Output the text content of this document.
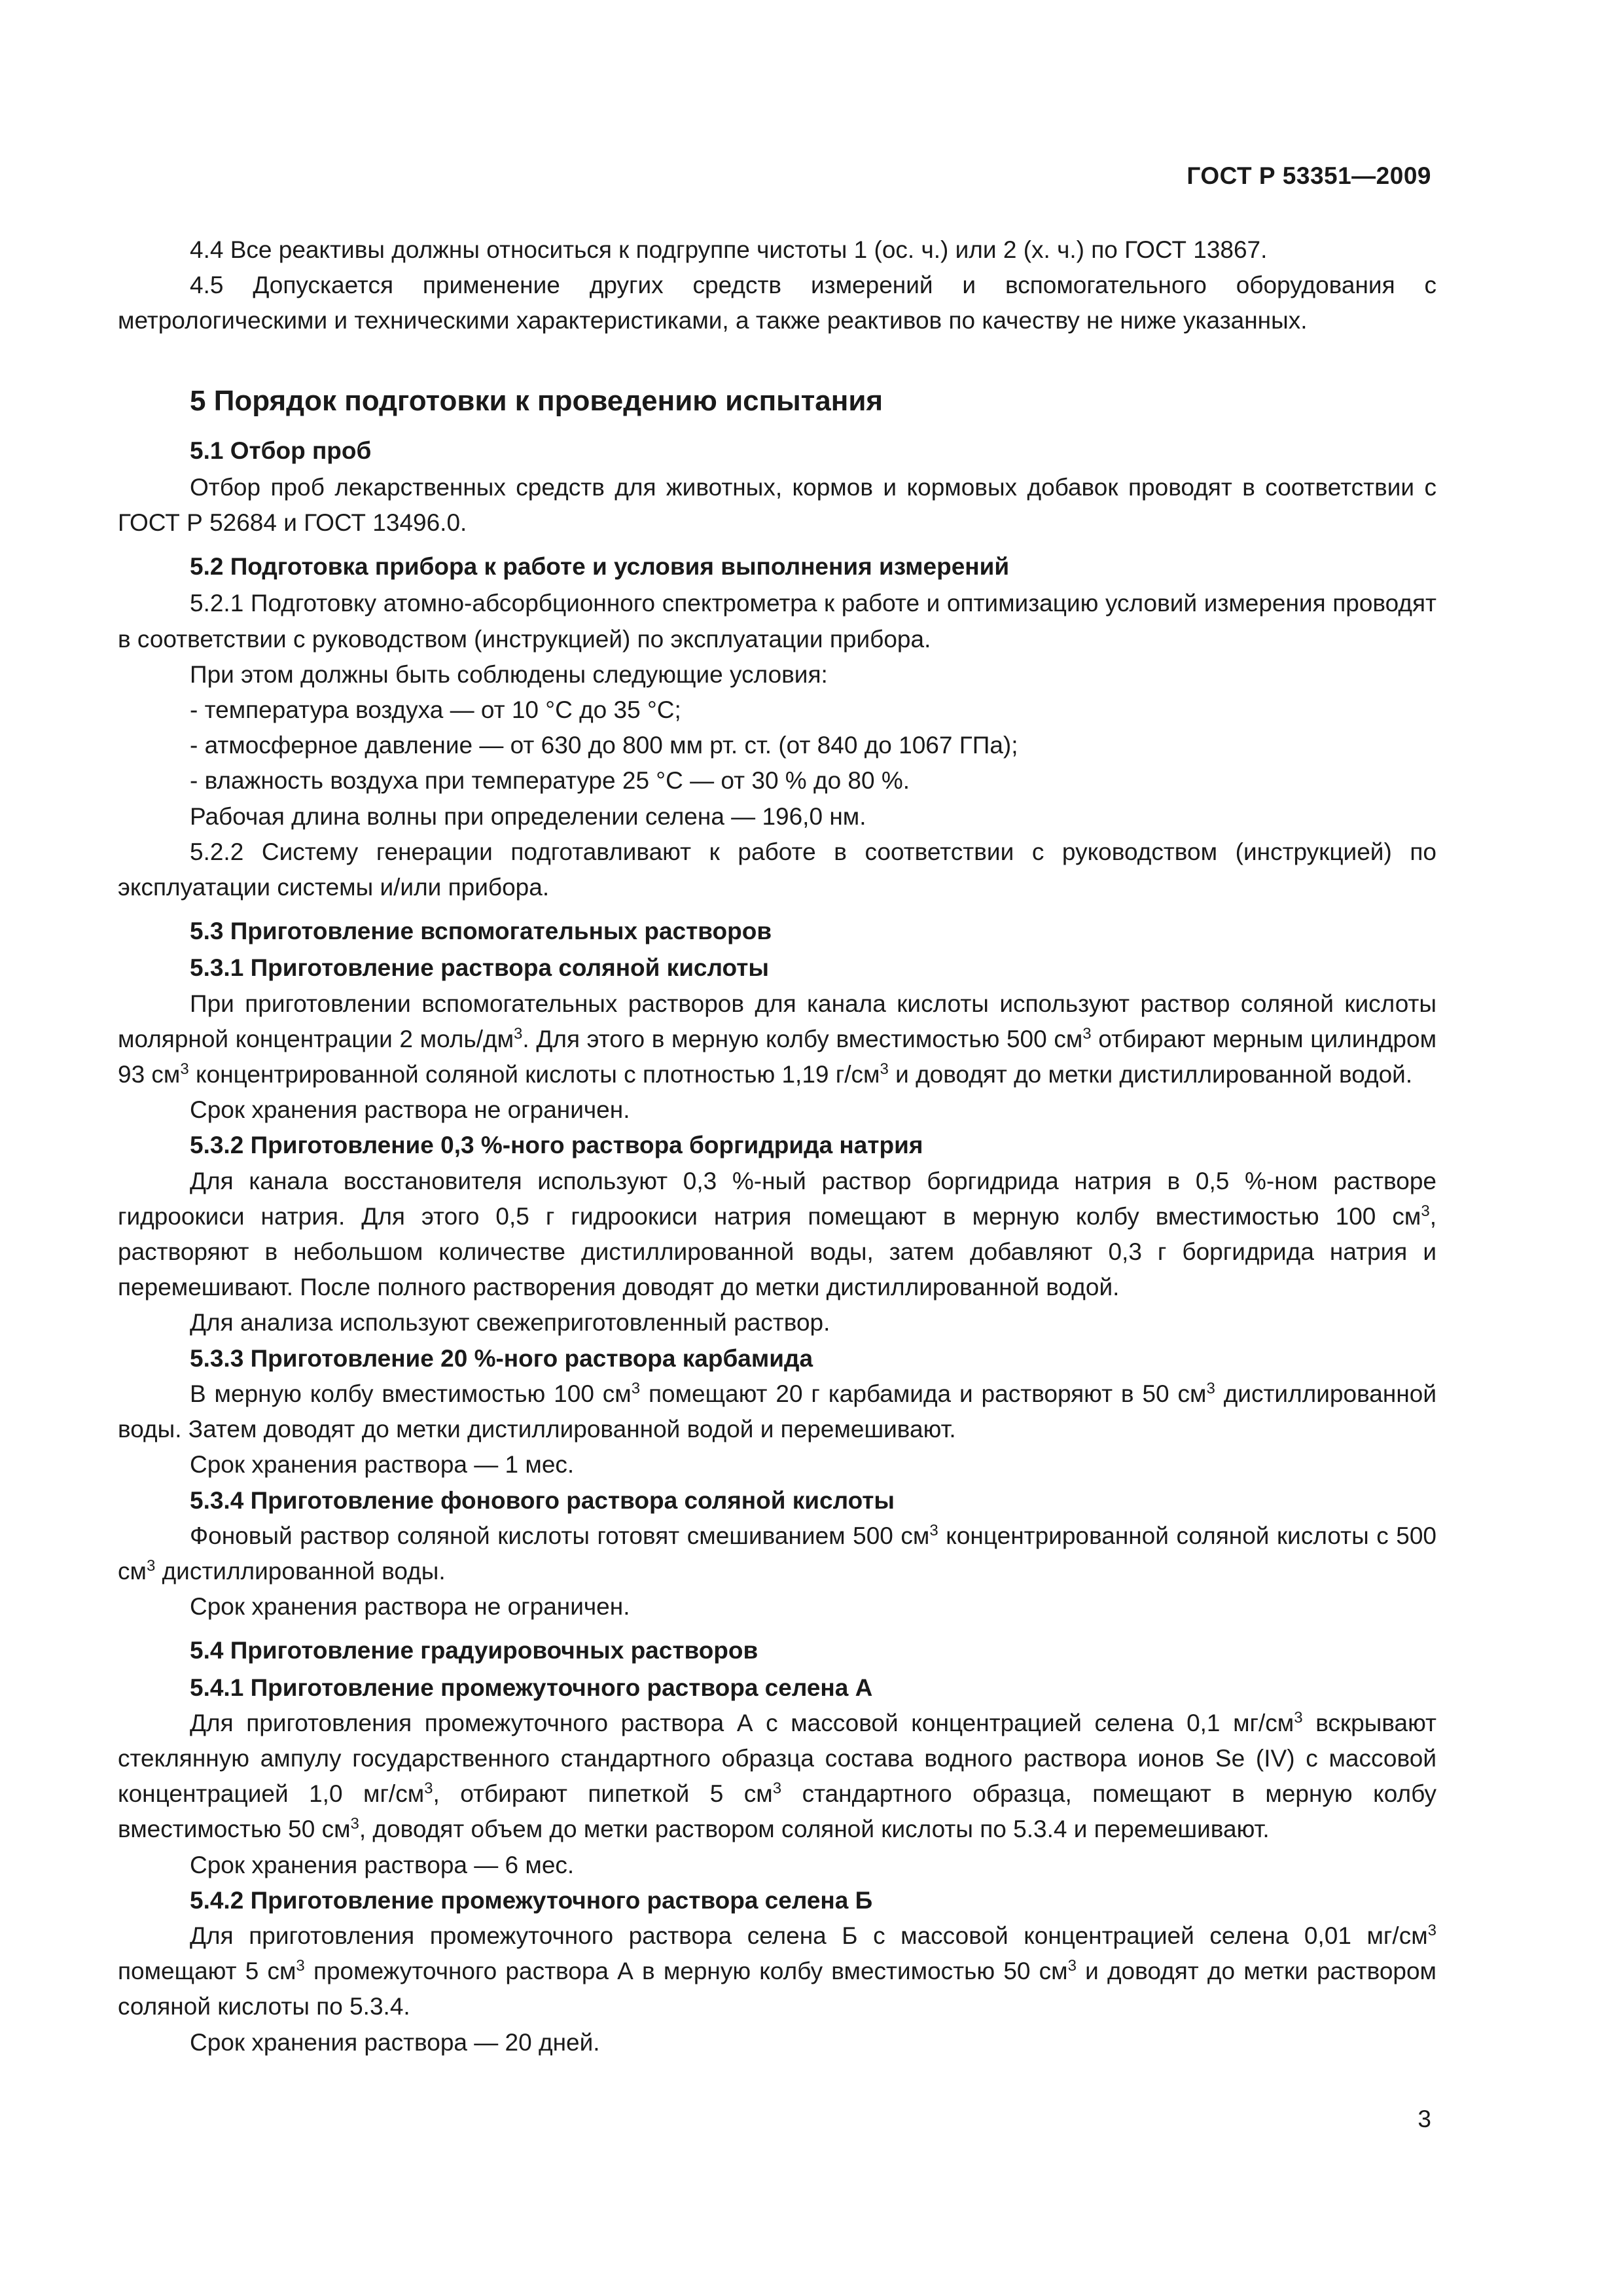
ГОСТ Р 53351—2009

4.4 Все реактивы должны относиться к подгруппе чистоты 1 (ос. ч.) или 2 (х. ч.) по ГОСТ 13867.

4.5 Допускается применение других средств измерений и вспомогательного оборудования с метрологическими и техническими характеристиками, а также реактивов по качеству не ниже указанных.

5 Порядок подготовки к проведению испытания
5.1 Отбор проб

Отбор проб лекарственных средств для животных, кормов и кормовых добавок проводят в соответствии с ГОСТ Р 52684 и ГОСТ 13496.0.

5.2 Подготовка прибора к работе и условия выполнения измерений

5.2.1 Подготовку атомно-абсорбционного спектрометра к работе и оптимизацию условий измерения проводят в соответствии с руководством (инструкцией) по эксплуатации прибора.

При этом должны быть соблюдены следующие условия:

- температура воздуха — от 10 °С до 35 °С;

- атмосферное давление — от 630 до 800 мм рт. ст. (от 840 до 1067 ГПа);

- влажность воздуха при температуре 25 °С — от 30 % до 80 %.

Рабочая длина волны при определении селена — 196,0 нм.

5.2.2 Систему генерации подготавливают к работе в соответствии с руководством (инструкцией) по эксплуатации системы и/или прибора.

5.3 Приготовление вспомогательных растворов
5.3.1 Приготовление раствора соляной кислоты

При приготовлении вспомогательных растворов для канала кислоты используют раствор соляной кислоты молярной концентрации 2 моль/$дм^3$. Для этого в мерную колбу вместимостью 500 $см^3$ отбирают мерным цилиндром 93 $см^3$ концентрированной соляной кислоты с плотностью 1,19 $г/см^3$ и доводят до метки дистиллированной водой.

Срок хранения раствора не ограничен.

5.3.2 Приготовление 0,3 %-ного раствора боргидрида натрия

Для канала восстановителя используют 0,3 %-ный раствор боргидрида натрия в 0,5 %-ном растворе гидроокиси натрия. Для этого 0,5 г гидроокиси натрия помещают в мерную колбу вместимостью 100 $см^3$, растворяют в небольшом количестве дистиллированной воды, затем добавляют 0,3 г боргидрида натрия и перемешивают. После полного растворения доводят до метки дистиллированной водой.

Для анализа используют свежеприготовленный раствор.

5.3.3 Приготовление 20 %-ного раствора карбамида

В мерную колбу вместимостью 100 $см^3$ помещают 20 г карбамида и растворяют в 50 $см^3$ дистиллированной воды. Затем доводят до метки дистиллированной водой и перемешивают.

Срок хранения раствора — 1 мес.

5.3.4 Приготовление фонового раствора соляной кислоты

Фоновый раствор соляной кислоты готовят смешиванием 500 $см^3$ концентрированной соляной кислоты с 500 $см^3$ дистиллированной воды.

Срок хранения раствора не ограничен.

5.4 Приготовление градуировочных растворов
5.4.1 Приготовление промежуточного раствора селена А

Для приготовления промежуточного раствора А с массовой концентрацией селена 0,1 $мг/см^3$ вскрывают стеклянную ампулу государственного стандартного образца состава водного раствора ионов Se (IV) с массовой концентрацией 1,0 $мг/см^3$, отбирают пипеткой 5 $см^3$ стандартного образца, помещают в мерную колбу вместимостью 50 $см^3$, доводят объем до метки раствором соляной кислоты по 5.3.4 и перемешивают.

Срок хранения раствора — 6 мес.

5.4.2 Приготовление промежуточного раствора селена Б

Для приготовления промежуточного раствора селена Б с массовой концентрацией селена 0,01 $мг/см^3$ помещают 5 $см^3$ промежуточного раствора А в мерную колбу вместимостью 50 $см^3$ и доводят до метки раствором соляной кислоты по 5.3.4.

Срок хранения раствора — 20 дней.

3
